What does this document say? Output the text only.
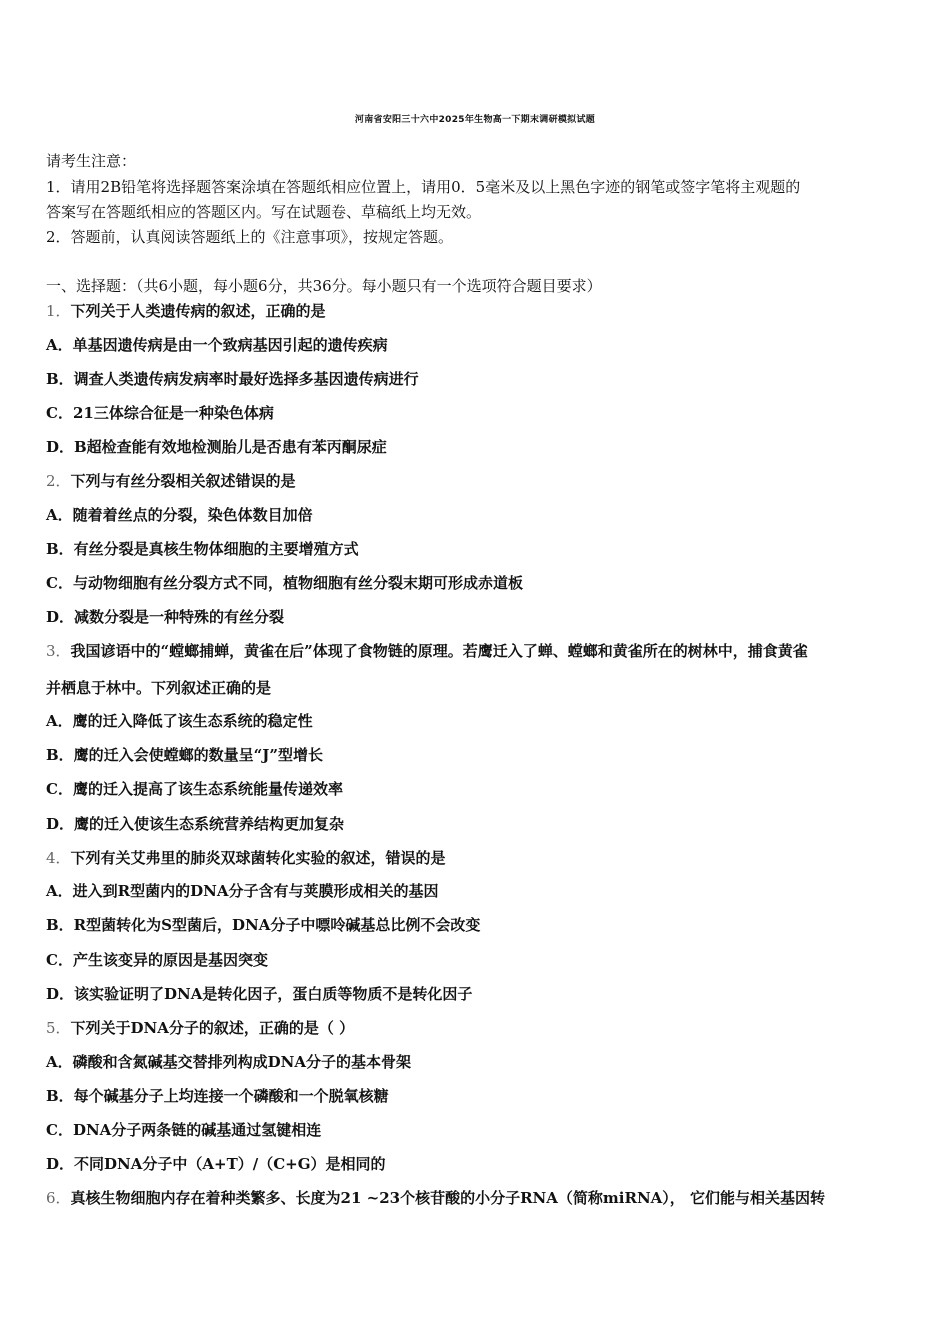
河南省安阳三十六中2025年生物高一下期末调研模拟试题
请考生注意：
1．请用2B铅笔将选择题答案涂填在答题纸相应位置上，请用0．5毫米及以上黑色字迹的钢笔或签字笔将主观题的
答案写在答题纸相应的答题区内。写在试题卷、草稿纸上均无效。
2．答题前，认真阅读答题纸上的《注意事项》，按规定答题。
一、选择题：（共6小题，每小题6分，共36分。每小题只有一个选项符合题目要求）
1．下列关于人类遗传病的叙述，正确的是
A．单基因遗传病是由一个致病基因引起的遗传疾病
B．调查人类遗传病发病率时最好选择多基因遗传病进行
C．21三体综合征是一种染色体病
D．B超检查能有效地检测胎儿是否患有苯丙酮尿症
2．下列与有丝分裂相关叙述错误的是
A．随着着丝点的分裂，染色体数目加倍
B．有丝分裂是真核生物体细胞的主要增殖方式
C．与动物细胞有丝分裂方式不同，植物细胞有丝分裂末期可形成赤道板
D．减数分裂是一种特殊的有丝分裂
3．我国谚语中的“螳螂捕蝉，黄雀在后”体现了食物链的原理。若鹰迁入了蝉、螳螂和黄雀所在的树林中，捕食黄雀
并栖息于林中。下列叙述正确的是
A．鹰的迁入降低了该生态系统的稳定性
B．鹰的迁入会使螳螂的数量呈“J”型增长
C．鹰的迁入提高了该生态系统能量传递效率
D．鹰的迁入使该生态系统营养结构更加复杂
4．下列有关艾弗里的肺炎双球菌转化实验的叙述，错误的是
A．进入到R型菌内的DNA分子含有与荚膜形成相关的基因
B．R型菌转化为S型菌后，DNA分子中嘌呤碱基总比例不会改变
C．产生该变异的原因是基因突变
D．该实验证明了DNA是转化因子，蛋白质等物质不是转化因子
5．下列关于DNA分子的叙述，正确的是（ ）
A．磷酸和含氮碱基交替排列构成DNA分子的基本骨架
B．每个碱基分子上均连接一个磷酸和一个脱氧核糖
C．DNA分子两条链的碱基通过氢键相连
D．不同DNA分子中（A+T）/（C+G）是相同的
6．真核生物细胞内存在着种类繁多、长度为21 ~23个核苷酸的小分子RNA（简称miRNA）， 它们能与相关基因转
